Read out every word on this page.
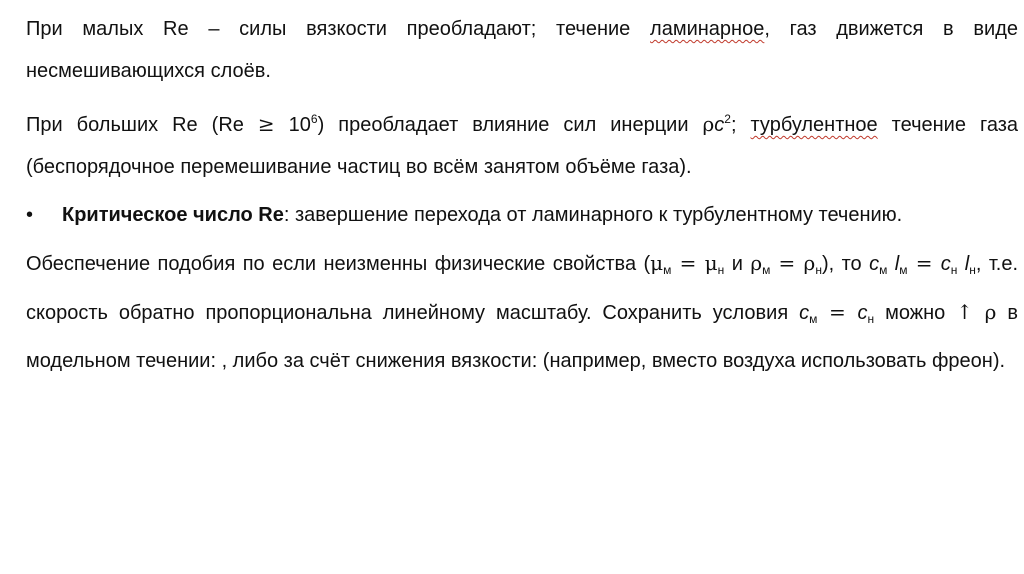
При малых Re – силы вязкости преобладают; течение ламинарное, газ движется в виде несмешивающихся слоёв.

При больших Re $(Re \ge 10^6)$ преобладает влияние сил инерции $\rho c^2$; турбулентное течение газа (беспорядочное перемешивание частиц во всём занятом объёме газа).

• Критическое число Re: завершение перехода от ламинарного к турбулентному течению.

Обеспечение подобия по если неизменны физические свойства ($\mu_м = \mu_н$ и $\rho_м = \rho_н$), то $c_м$ $l_м = c_н$ $l_н$, т.е. скорость обратно пропорциональна линейному масштабу. Сохранить условия $c_м = c_н$ можно ↑ ρ в модельном течении: , либо за счёт снижения вязкости: (например, вместо воздуха использовать фреон).
